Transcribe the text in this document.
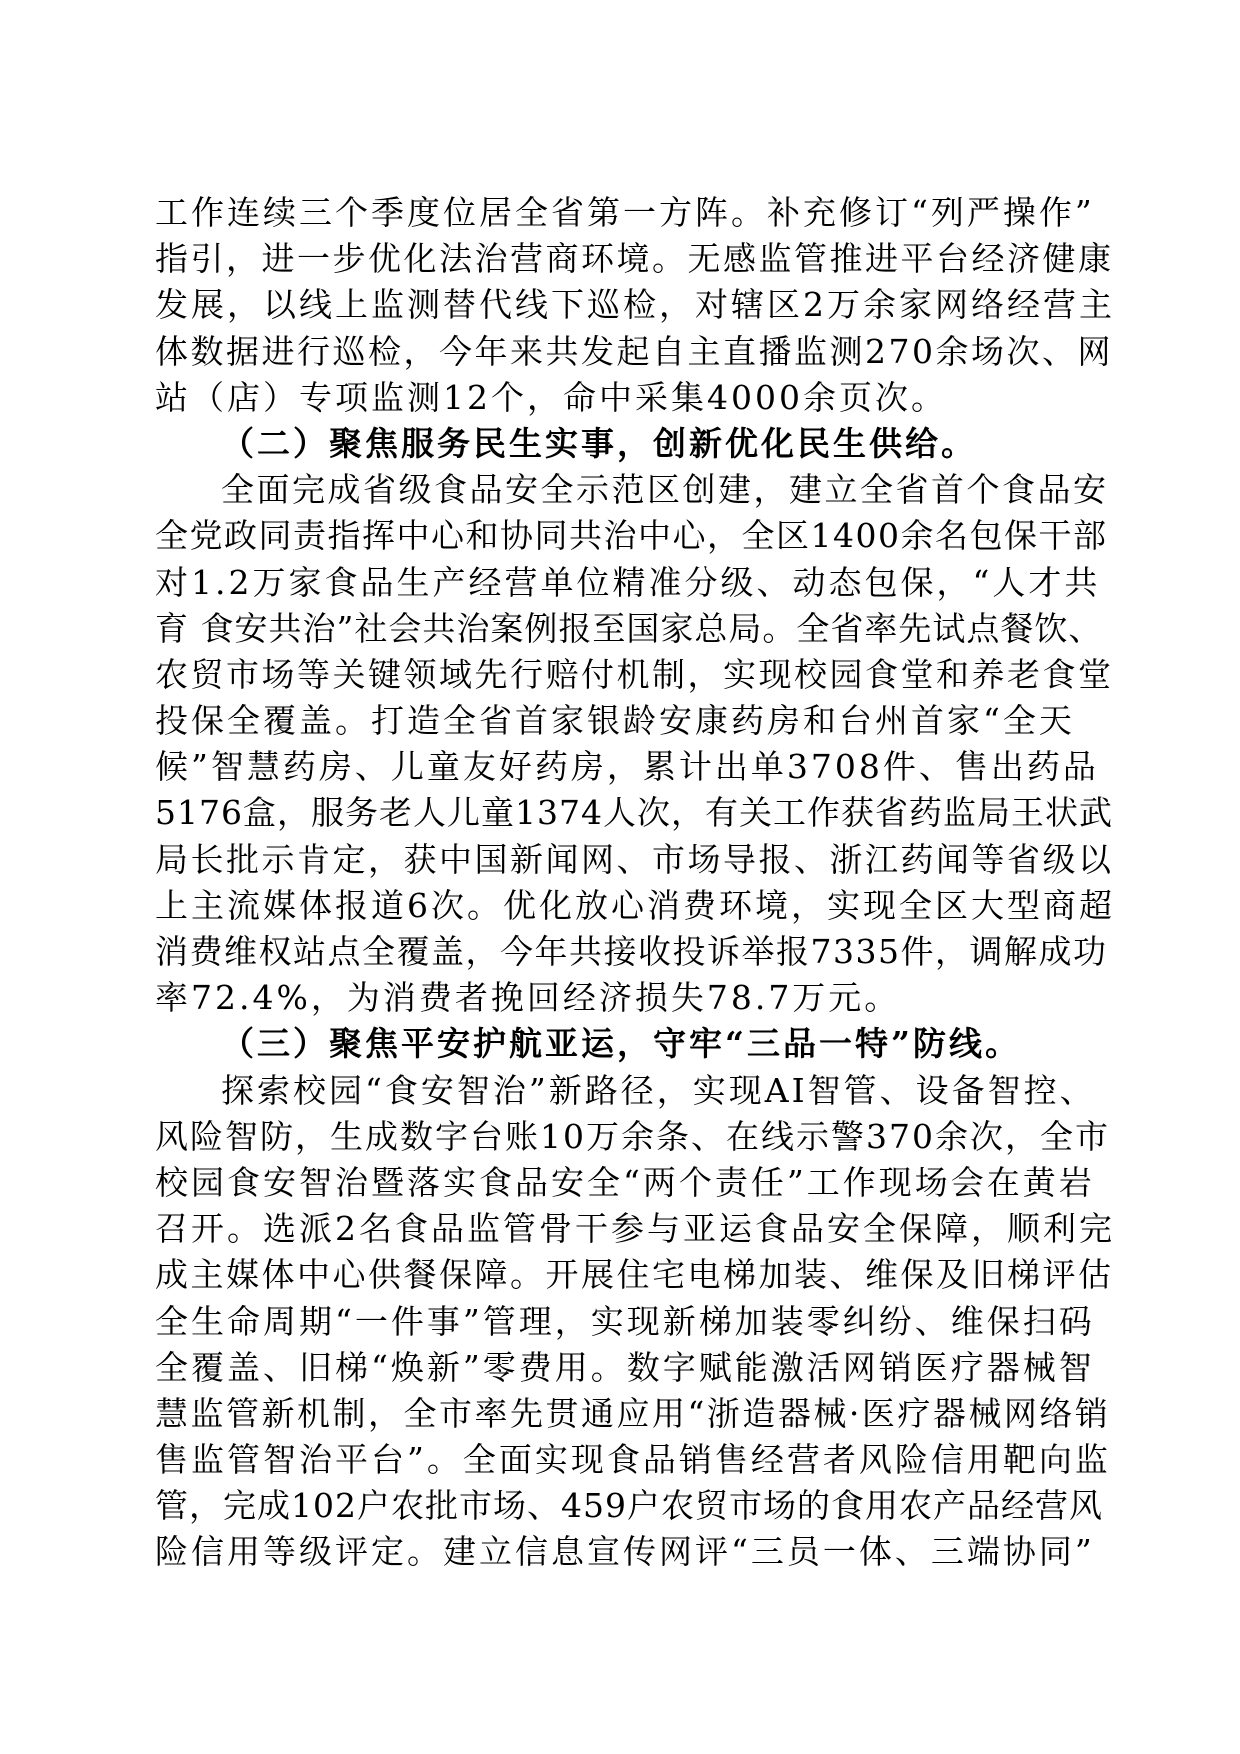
工作连续三个季度位居全省第一方阵。补充修订“列严操作”
指引，进一步优化法治营商环境。无感监管推进平台经济健康
发展，以线上监测替代线下巡检，对辖区2万余家网络经营主
体数据进行巡检，今年来共发起自主直播监测270余场次、网
站（店）专项监测12个，命中采集4000余页次。
（二）聚焦服务民生实事，创新优化民生供给。
全面完成省级食品安全示范区创建，建立全省首个食品安
全党政同责指挥中心和协同共治中心，全区1400余名包保干部
对1.2万家食品生产经营单位精准分级、动态包保，“人才共
育 食安共治”社会共治案例报至国家总局。全省率先试点餐饮、
农贸市场等关键领域先行赔付机制，实现校园食堂和养老食堂
投保全覆盖。打造全省首家银龄安康药房和台州首家“全天
候”智慧药房、儿童友好药房，累计出单3708件、售出药品
5176盒，服务老人儿童1374人次，有关工作获省药监局王状武
局长批示肯定，获中国新闻网、市场导报、浙江药闻等省级以
上主流媒体报道6次。优化放心消费环境，实现全区大型商超
消费维权站点全覆盖，今年共接收投诉举报7335件，调解成功
率72.4%，为消费者挽回经济损失78.7万元。
（三）聚焦平安护航亚运，守牢“三品一特”防线。
探索校园“食安智治”新路径，实现AI智管、设备智控、
风险智防，生成数字台账10万余条、在线示警370余次，全市
校园食安智治暨落实食品安全“两个责任”工作现场会在黄岩
召开。选派2名食品监管骨干参与亚运食品安全保障，顺利完
成主媒体中心供餐保障。开展住宅电梯加装、维保及旧梯评估
全生命周期“一件事”管理，实现新梯加装零纠纷、维保扫码
全覆盖、旧梯“焕新”零费用。数字赋能激活网销医疗器械智
慧监管新机制，全市率先贯通应用“浙造器械·医疗器械网络销
售监管智治平台”。全面实现食品销售经营者风险信用靶向监
管，完成102户农批市场、459户农贸市场的食用农产品经营风
险信用等级评定。建立信息宣传网评“三员一体、三端协同”
